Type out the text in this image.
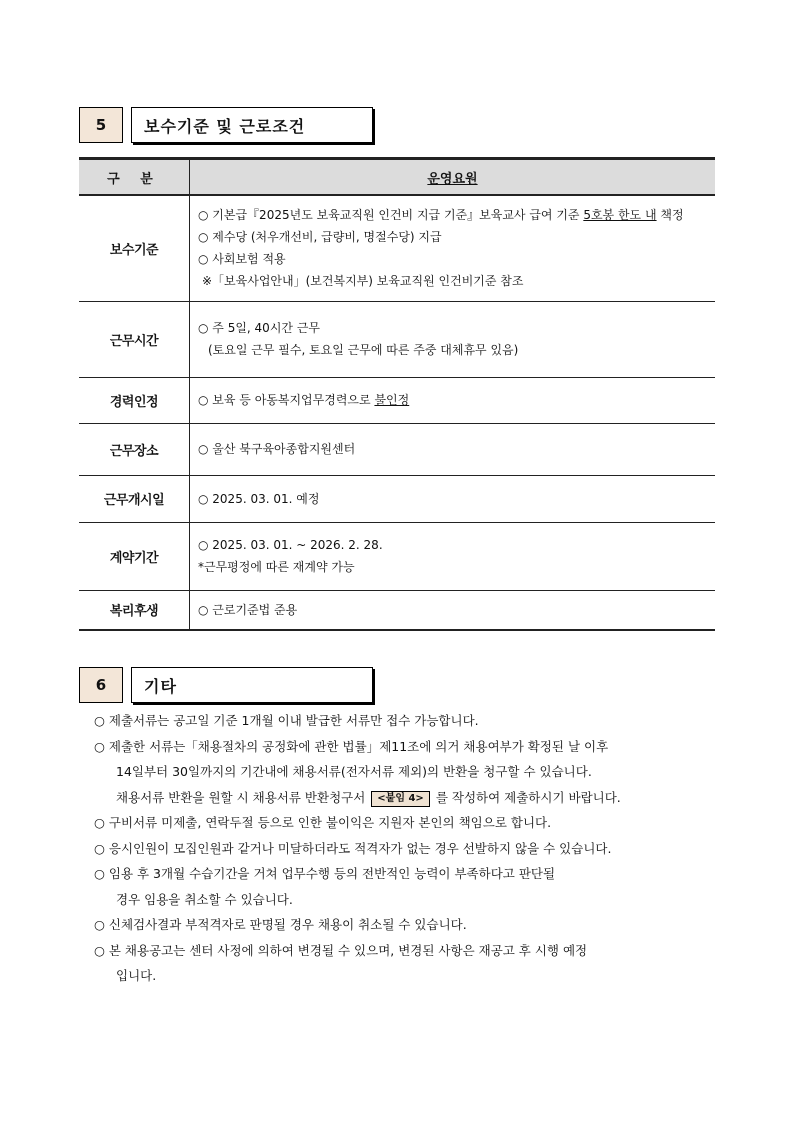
5	보수기준 및 근로조건
구 분	운영요원
보수기준	○ 기본급『2025년도 보육교직원 인건비 지급 기준』보육교사 급여 기준 5호봉 한도 내 책정
○ 제수당 (처우개선비, 급량비, 명절수당) 지급
○ 사회보험 적용
※「보육사업안내」(보건복지부) 보육교직원 인건비기준 참조

근무시간	○ 주 5일, 40시간 근무
(토요일 근무 필수, 토요일 근무에 따른 주중 대체휴무 있음)

경력인정	○ 보육 등 아동복지업무경력으로 불인정

근무장소	○ 울산 북구육아종합지원센터

근무개시일	○ 2025. 03. 01. 예정

계약기간	○ 2025. 03. 01. ~ 2026. 2. 28.
*근무평정에 따른 재계약 가능

복리후생	○ 근로기준법 준용
6	기타
○ 제출서류는 공고일 기준 1개월 이내 발급한 서류만 접수 가능합니다.
○ 제출한 서류는「채용절차의 공정화에 관한 법률」제11조에 의거 채용여부가 확정된 날 이후
14일부터 30일까지의 기간내에 채용서류(전자서류 제외)의 반환을 청구할 수 있습니다.
채용서류 반환을 원할 시 채용서류 반환청구서 <붙임 4> 를 작성하여 제출하시기 바랍니다.
○ 구비서류 미제출, 연락두절 등으로 인한 불이익은 지원자 본인의 책임으로 합니다.
○ 응시인원이 모집인원과 같거나 미달하더라도 적격자가 없는 경우 선발하지 않을 수 있습니다.
○ 임용 후 3개월 수습기간을 거쳐 업무수행 등의 전반적인 능력이 부족하다고 판단될
경우 임용을 취소할 수 있습니다.
○ 신체검사결과 부적격자로 판명될 경우 채용이 취소될 수 있습니다.
○ 본 채용공고는 센터 사정에 의하여 변경될 수 있으며, 변경된 사항은 재공고 후 시행 예정
입니다.
